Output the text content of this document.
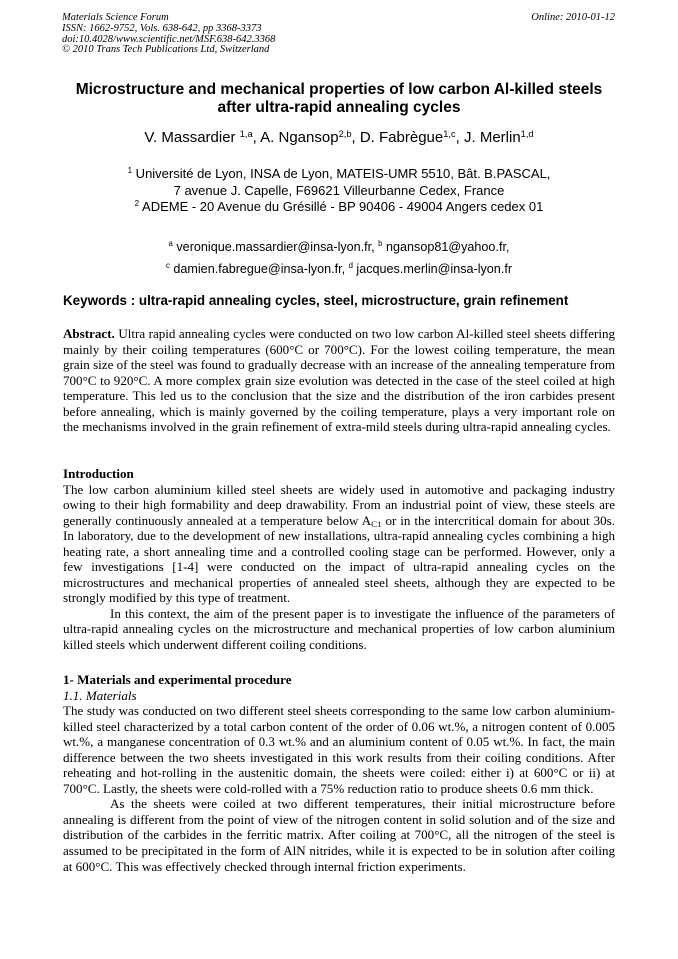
Materials Science Forum
ISSN: 1662-9752, Vols. 638-642, pp 3368-3373
doi:10.4028/www.scientific.net/MSF.638-642.3368
© 2010 Trans Tech Publications Ltd, Switzerland
Online: 2010-01-12
Microstructure and mechanical properties of low carbon Al-killed steels
after ultra-rapid annealing cycles
V. Massardier $^{1,a}$, A. Ngansop$^{2,b}$, D. Fabrègue$^{1,c}$, J. Merlin$^{1,d}$
$^1$ Université de Lyon, INSA de Lyon, MATEIS-UMR 5510, Bât. B.PASCAL,
7 avenue J. Capelle, F69621 Villeurbanne Cedex, France
$^2$ ADEME - 20 Avenue du Grésillé - BP 90406 - 49004 Angers cedex 01
$^a$ veronique.massardier@insa-lyon.fr, $^b$ ngansop81@yahoo.fr,
$^c$ damien.fabregue@insa-lyon.fr, $^d$ jacques.merlin@insa-lyon.fr
Keywords : ultra-rapid annealing cycles, steel, microstructure, grain refinement

Abstract. Ultra rapid annealing cycles were conducted on two low carbon Al-killed steel sheets differing mainly by their coiling temperatures (600°C or 700°C). For the lowest coiling temperature, the mean grain size of the steel was found to gradually decrease with an increase of the annealing temperature from 700°C to 920°C. A more complex grain size evolution was detected in the case of the steel coiled at high temperature. This led us to the conclusion that the size and the distribution of the iron carbides present before annealing, which is mainly governed by the coiling temperature, plays a very important role on the mechanisms involved in the grain refinement of extra-mild steels during ultra-rapid annealing cycles.

Introduction

The low carbon aluminium killed steel sheets are widely used in automotive and packaging industry owing to their high formability and deep drawability. From an industrial point of view, these steels are generally continuously annealed at a temperature below $A_{C1}$ or in the intercritical domain for about 30s. In laboratory, due to the development of new installations, ultra-rapid annealing cycles combining a high heating rate, a short annealing time and a controlled cooling stage can be performed. However, only a few investigations [1-4] were conducted on the impact of ultra-rapid annealing cycles on the microstructures and mechanical properties of annealed steel sheets, although they are expected to be strongly modified by this type of treatment.

In this context, the aim of the present paper is to investigate the influence of the parameters of ultra-rapid annealing cycles on the microstructure and mechanical properties of low carbon aluminium killed steels which underwent different coiling conditions.

1- Materials and experimental procedure

1.1. Materials

The study was conducted on two different steel sheets corresponding to the same low carbon aluminium-killed steel characterized by a total carbon content of the order of 0.06 wt.%, a nitrogen content of 0.005 wt.%, a manganese concentration of 0.3 wt.% and an aluminium content of 0.05 wt.%. In fact, the main difference between the two sheets investigated in this work results from their coiling conditions. After reheating and hot-rolling in the austenitic domain, the sheets were coiled: either i) at 600°C or ii) at 700°C. Lastly, the sheets were cold-rolled with a 75% reduction ratio to produce sheets 0.6 mm thick.

As the sheets were coiled at two different temperatures, their initial microstructure before annealing is different from the point of view of the nitrogen content in solid solution and of the size and distribution of the carbides in the ferritic matrix. After coiling at 700°C, all the nitrogen of the steel is assumed to be precipitated in the form of AlN nitrides, while it is expected to be in solution after coiling at 600°C. This was effectively checked through internal friction experiments.
